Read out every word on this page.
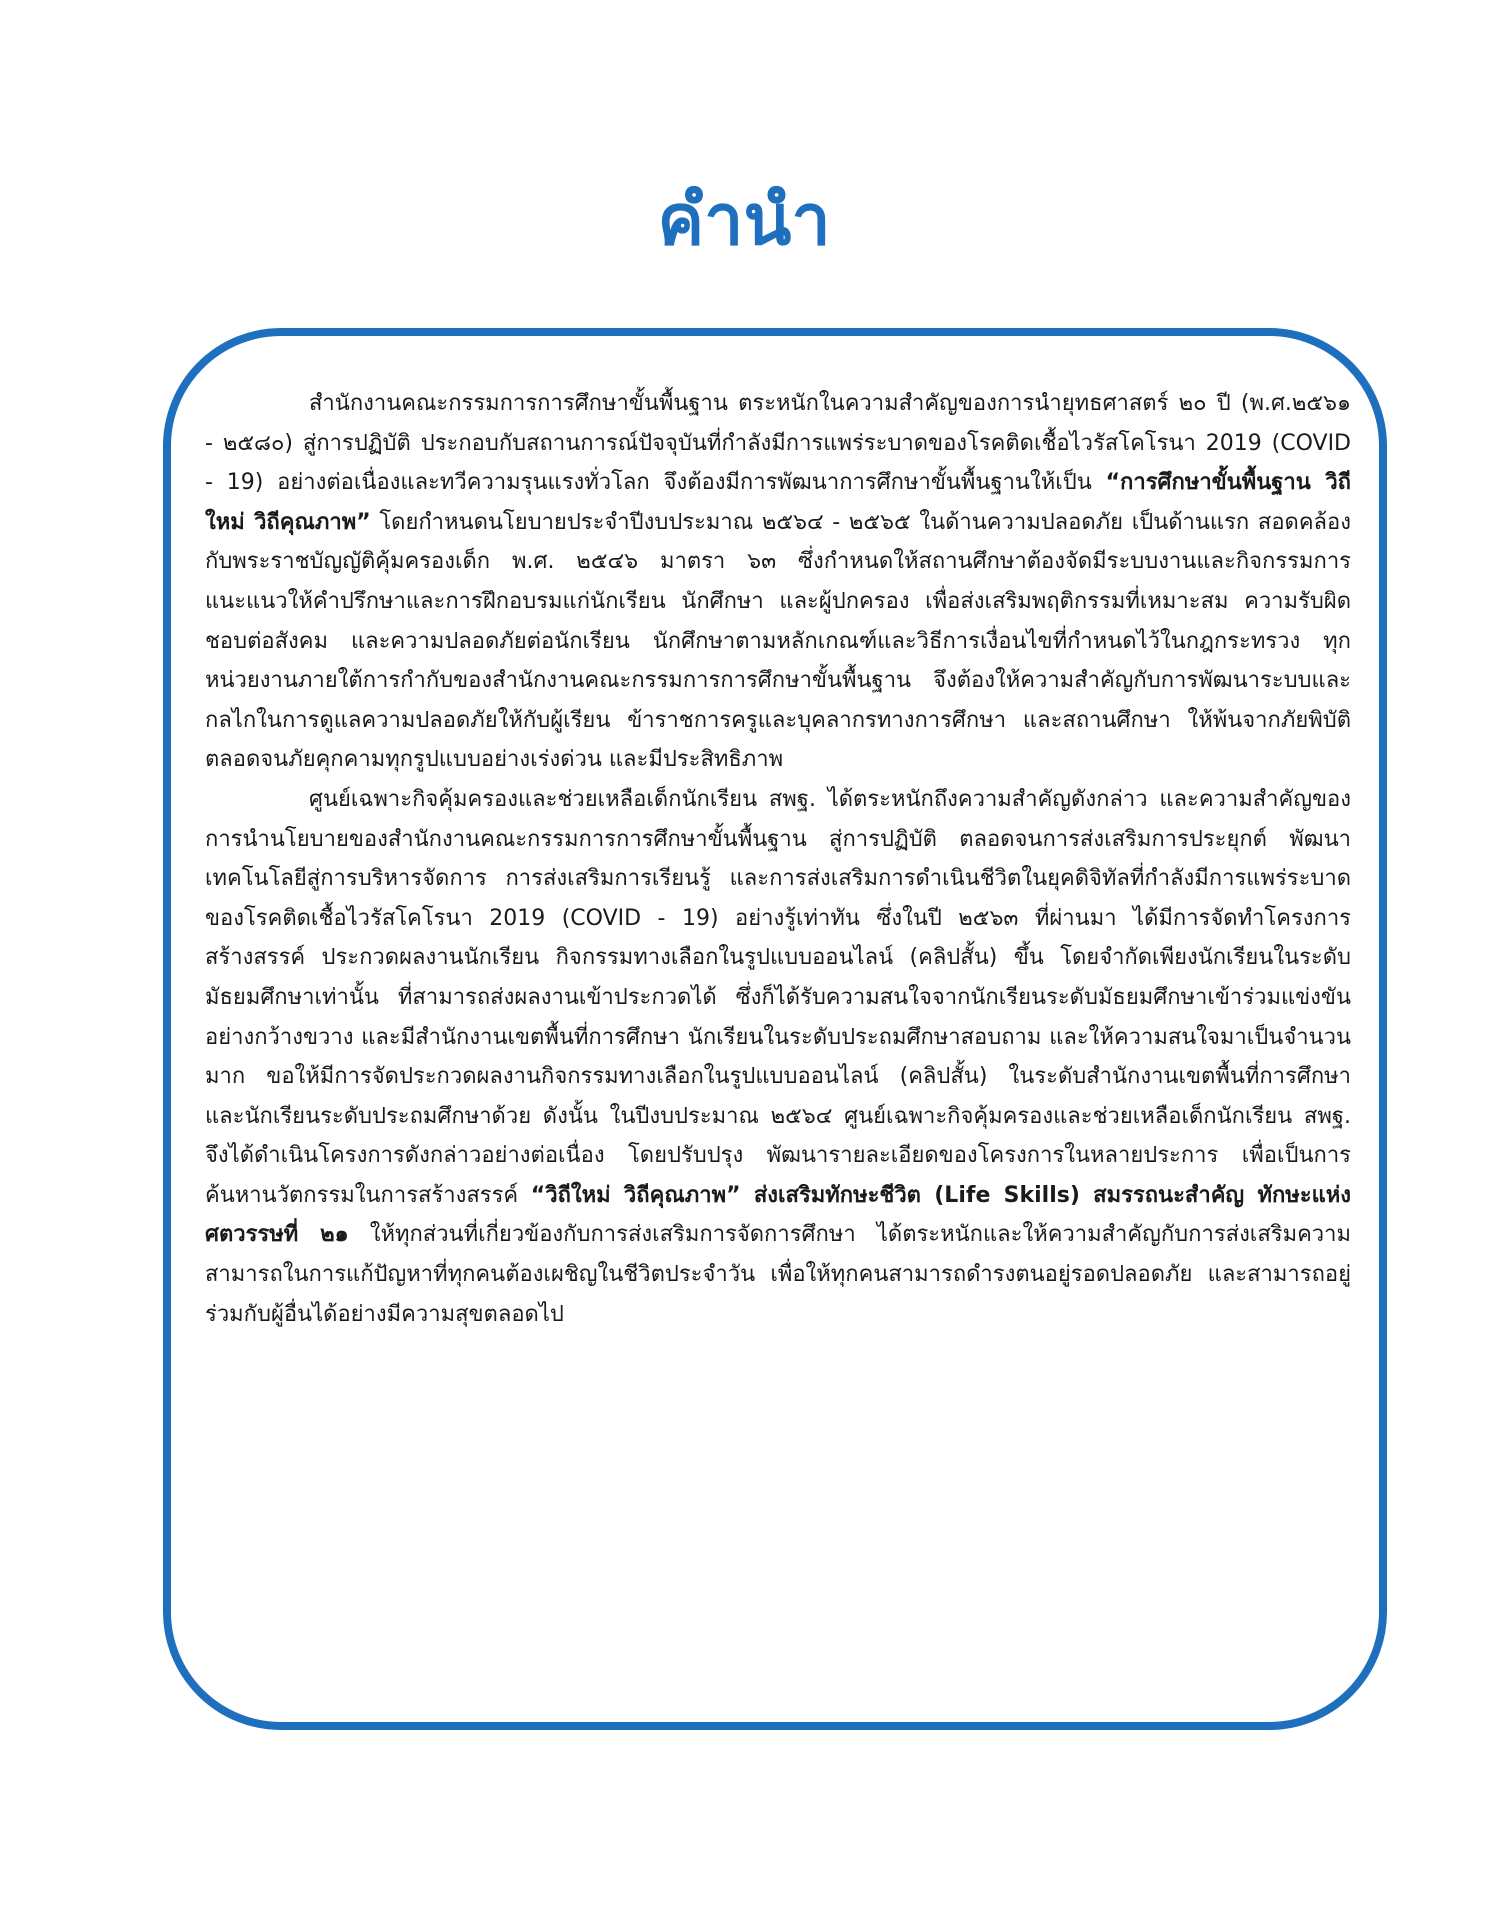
คำนำ

สำนักงานคณะกรรมการการศึกษาขั้นพื้นฐาน ตระหนักในความสำคัญของการนำยุทธศาสตร์ ๒๐ ปี (พ.ศ.๒๕๖๑ - ๒๕๘๐) สู่การปฏิบัติ ประกอบกับสถานการณ์ปัจจุบันที่กำลังมีการแพร่ระบาดของโรคติดเชื้อไวรัสโคโรนา 2019 (COVID - 19) อย่างต่อเนื่องและทวีความรุนแรงทั่วโลก จึงต้องมีการพัฒนาการศึกษาขั้นพื้นฐานให้เป็น “การศึกษาขั้นพื้นฐาน วิถีใหม่ วิถีคุณภาพ” โดยกำหนดนโยบายประจำปีงบประมาณ ๒๕๖๔ - ๒๕๖๕ ในด้านความปลอดภัย เป็นด้านแรก สอดคล้องกับพระราชบัญญัติคุ้มครองเด็ก พ.ศ. ๒๕๔๖ มาตรา ๖๓ ซึ่งกำหนดให้สถานศึกษาต้องจัดมีระบบงานและกิจกรรมการแนะแนวให้คำปรึกษาและการฝึกอบรมแก่นักเรียน นักศึกษา และผู้ปกครอง เพื่อส่งเสริมพฤติกรรมที่เหมาะสม ความรับผิดชอบต่อสังคม และความปลอดภัยต่อนักเรียน นักศึกษาตามหลักเกณฑ์และวิธีการเงื่อนไขที่กำหนดไว้ในกฎกระทรวง ทุกหน่วยงานภายใต้การกำกับของสำนักงานคณะกรรมการการศึกษาขั้นพื้นฐาน จึงต้องให้ความสำคัญกับการพัฒนาระบบและกลไกในการดูแลความปลอดภัยให้กับผู้เรียน ข้าราชการครูและบุคลากรทางการศึกษา และสถานศึกษา ให้พ้นจากภัยพิบัติตลอดจนภัยคุกคามทุกรูปแบบอย่างเร่งด่วน และมีประสิทธิภาพ

ศูนย์เฉพาะกิจคุ้มครองและช่วยเหลือเด็กนักเรียน สพฐ. ได้ตระหนักถึงความสำคัญดังกล่าว และความสำคัญของการนำนโยบายของสำนักงานคณะกรรมการการศึกษาขั้นพื้นฐาน สู่การปฏิบัติ ตลอดจนการส่งเสริมการประยุกต์ พัฒนาเทคโนโลยีสู่การบริหารจัดการ การส่งเสริมการเรียนรู้ และการส่งเสริมการดำเนินชีวิตในยุคดิจิทัลที่กำลังมีการแพร่ระบาดของโรคติดเชื้อไวรัสโคโรนา 2019 (COVID - 19) อย่างรู้เท่าทัน ซึ่งในปี ๒๕๖๓ ที่ผ่านมา ได้มีการจัดทำโครงการสร้างสรรค์ ประกวดผลงานนักเรียน กิจกรรมทางเลือกในรูปแบบออนไลน์ (คลิปสั้น) ขึ้น โดยจำกัดเพียงนักเรียนในระดับมัธยมศึกษาเท่านั้น ที่สามารถส่งผลงานเข้าประกวดได้ ซึ่งก็ได้รับความสนใจจากนักเรียนระดับมัธยมศึกษาเข้าร่วมแข่งขันอย่างกว้างขวาง และมีสำนักงานเขตพื้นที่การศึกษา นักเรียนในระดับประถมศึกษาสอบถาม และให้ความสนใจมาเป็นจำนวนมาก ขอให้มีการจัดประกวดผลงานกิจกรรมทางเลือกในรูปแบบออนไลน์ (คลิปสั้น) ในระดับสำนักงานเขตพื้นที่การศึกษา และนักเรียนระดับประถมศึกษาด้วย ดังนั้น ในปีงบประมาณ ๒๕๖๔ ศูนย์เฉพาะกิจคุ้มครองและช่วยเหลือเด็กนักเรียน สพฐ. จึงได้ดำเนินโครงการดังกล่าวอย่างต่อเนื่อง โดยปรับปรุง พัฒนารายละเอียดของโครงการในหลายประการ เพื่อเป็นการค้นหานวัตกรรมในการสร้างสรรค์ “วิถีใหม่ วิถีคุณภาพ” ส่งเสริมทักษะชีวิต (Life Skills) สมรรถนะสำคัญ ทักษะแห่งศตวรรษที่ ๒๑ ให้ทุกส่วนที่เกี่ยวข้องกับการส่งเสริมการจัดการศึกษา ได้ตระหนักและให้ความสำคัญกับการส่งเสริมความสามารถในการแก้ปัญหาที่ทุกคนต้องเผชิญในชีวิตประจำวัน เพื่อให้ทุกคนสามารถดำรงตนอยู่รอดปลอดภัย และสามารถอยู่ร่วมกับผู้อื่นได้อย่างมีความสุขตลอดไป
